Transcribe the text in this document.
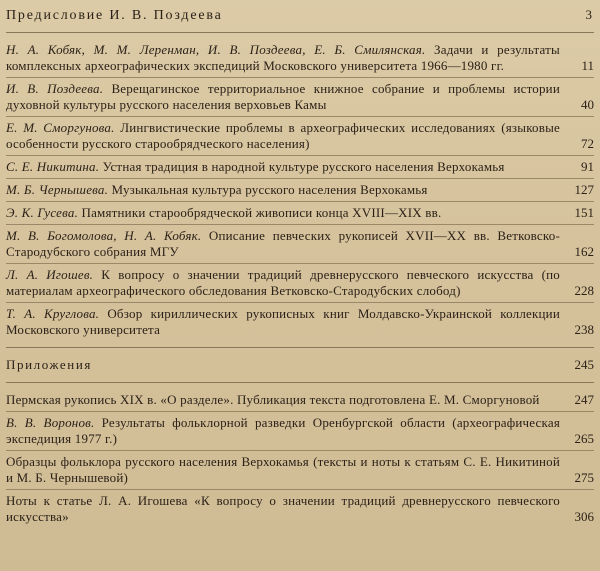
Предисловие И. В. Поздеева	3
Н. А. Кобяк, М. М. Леренман, И. В. Поздеева, Е. Б. Смилянская. Задачи и результаты комплексных археографических экспедиций Московского университета 1966—1980 гг.	11
И. В. Поздеева. Верещагинское территориальное книжное собрание и проблемы истории духовной культуры русского населения верховьев Камы	40
Е. М. Сморгунова. Лингвистические проблемы в археографических исследованиях (языковые особенности русского старообрядческого населения)	72
С. Е. Никитина. Устная традиция в народной культуре русского населения Верхокамья	91
М. Б. Чернышева. Музыкальная культура русского населения Верхокамья	127
Э. К. Гусева. Памятники старообрядческой живописи конца XVIII—XIX вв.	151
М. В. Богомолова, Н. А. Кобяк. Описание певческих рукописей XVII—XX вв. Ветковско-Стародубского собрания МГУ	162
Л. А. Игошев. К вопросу о значении традиций древнерусского певческого искусства (по материалам археографического обследования Ветковско-Стародубских слобод)	228
Т. А. Круглова. Обзор кириллических рукописных книг Молдавско-Украинской коллекции Московского университета	238
Приложения	245
Пермская рукопись XIX в. «О разделе». Публикация текста подготовлена Е. М. Сморгуновой	247
В. В. Воронов. Результаты фольклорной разведки Оренбургской области (археографическая экспедиция 1977 г.)	265
Образцы фольклора русского населения Верхокамья (тексты и ноты к статьям С. Е. Никитиной и М. Б. Чернышевой)	275
Ноты к статье Л. А. Игошева «К вопросу о значении традиций древнерусского певческого искусства»	306
